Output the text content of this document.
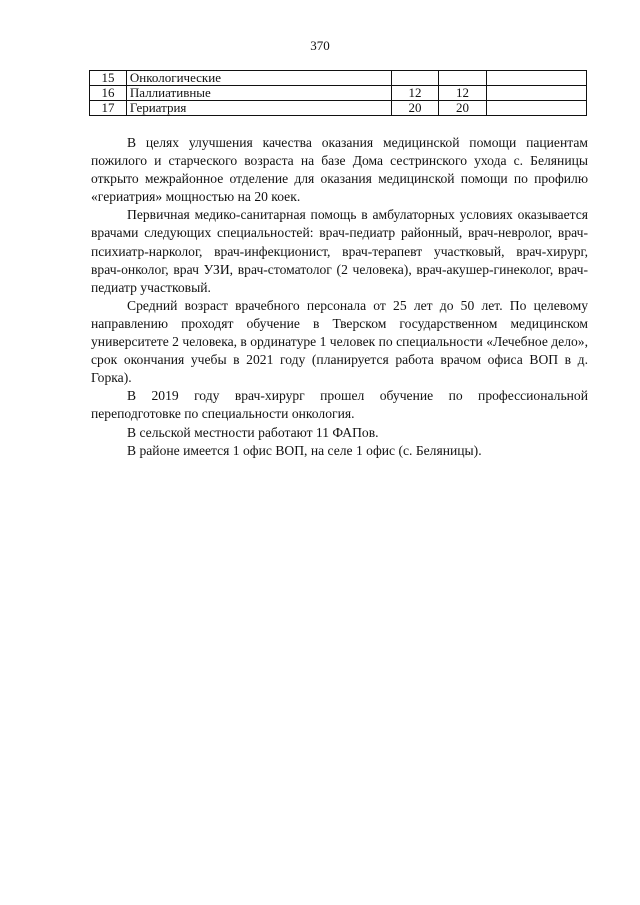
370
15	Онкологические			
16	Паллиативные	12	12	
17	Гериатрия	20	20	

В целях улучшения качества оказания медицинской помощи пациентам пожилого и старческого возраста на базе Дома сестринского ухода с. Беляницы открыто межрайонное отделение для оказания медицинской помощи по профилю «гериатрия» мощностью на 20 коек.

Первичная медико-санитарная помощь в амбулаторных условиях оказывается врачами следующих специальностей: врач-педиатр районный, врач-невролог, врач-психиатр-нарколог, врач-инфекционист, врач-терапевт участковый, врач-хирург, врач-онколог, врач УЗИ, врач-стоматолог (2 человека), врач-акушер-гинеколог, врач-педиатр участковый.

Средний возраст врачебного персонала от 25 лет до 50 лет. По целевому направлению проходят обучение в Тверском государственном медицинском университете 2 человека, в ординатуре 1 человек по специальности «Лечебное дело», срок окончания учебы в 2021 году (планируется работа врачом офиса ВОП в д. Горка).

В 2019 году врач-хирург прошел обучение по профессиональной переподготовке по специальности онкология.

В сельской местности работают 11 ФАПов.

В районе имеется 1 офис ВОП, на селе 1 офис (с. Беляницы).
